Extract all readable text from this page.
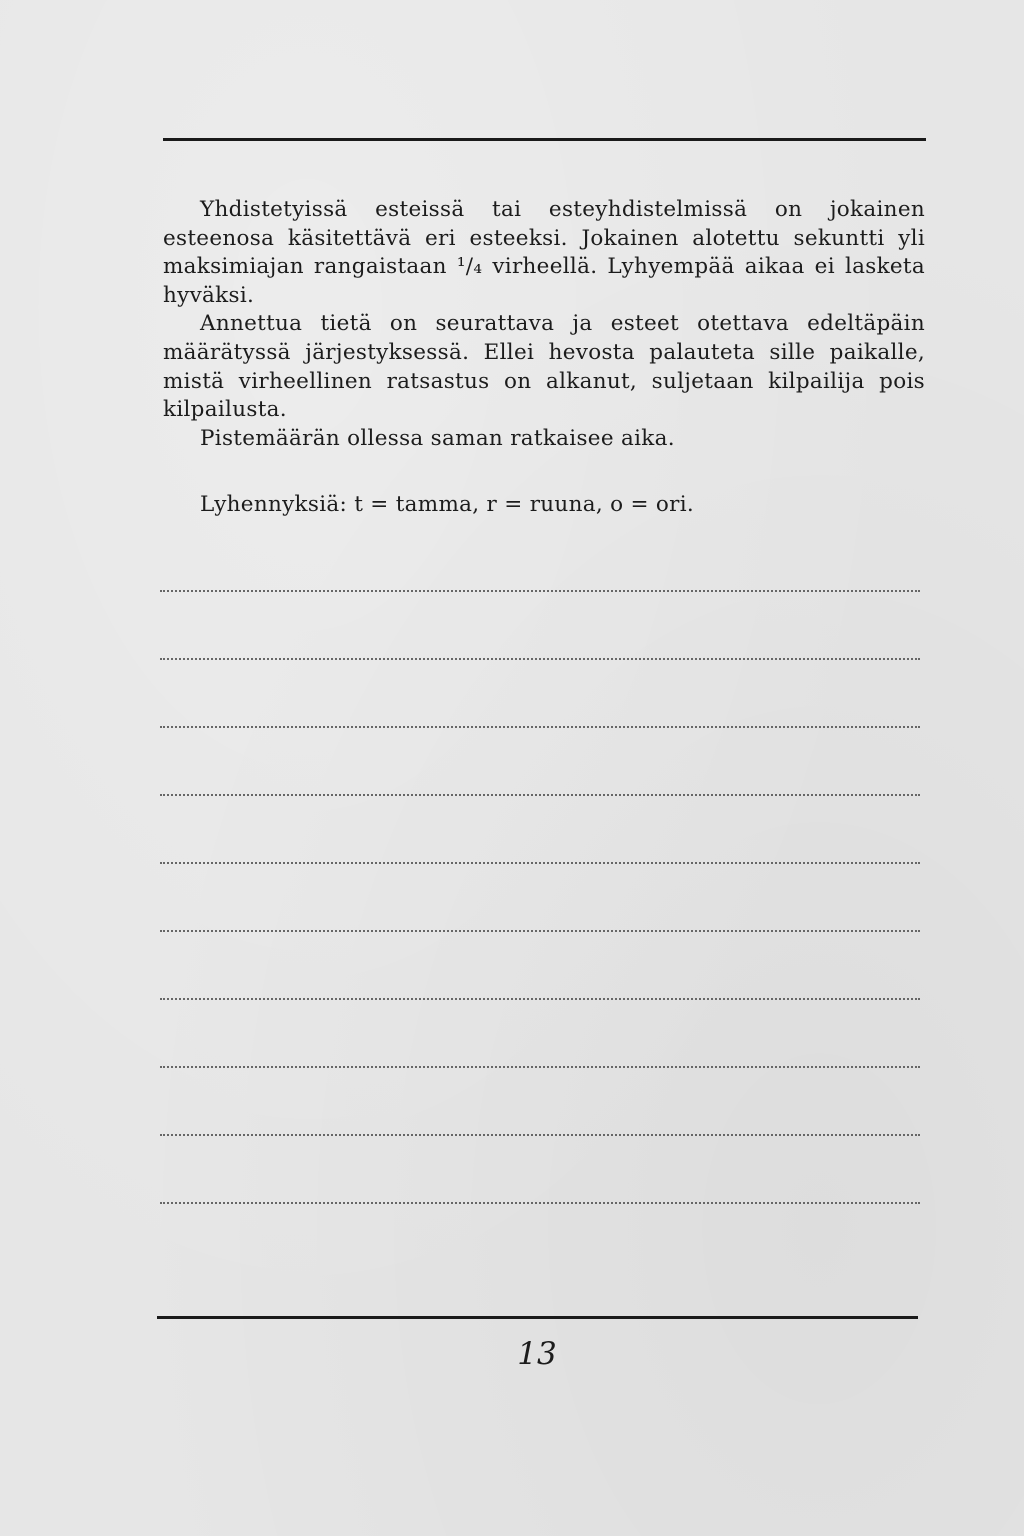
Yhdistetyissä esteissä tai esteyhdistelmissä on jokainen esteenosa käsitettävä eri esteeksi. Jokainen alotettu sekuntti yli maksimiajan rangaistaan ¹/₄ virheellä. Lyhyempää aikaa ei lasketa hyväksi.

Annettua tietä on seurattava ja esteet otettava edeltäpäin määrätyssä järjestyksessä. Ellei hevosta palauteta sille paikalle, mistä virheellinen ratsastus on alkanut, suljetaan kilpailija pois kilpailusta.

Pistemäärän ollessa saman ratkaisee aika.

Lyhennyksiä: t = tamma, r = ruuna, o = ori.
13
